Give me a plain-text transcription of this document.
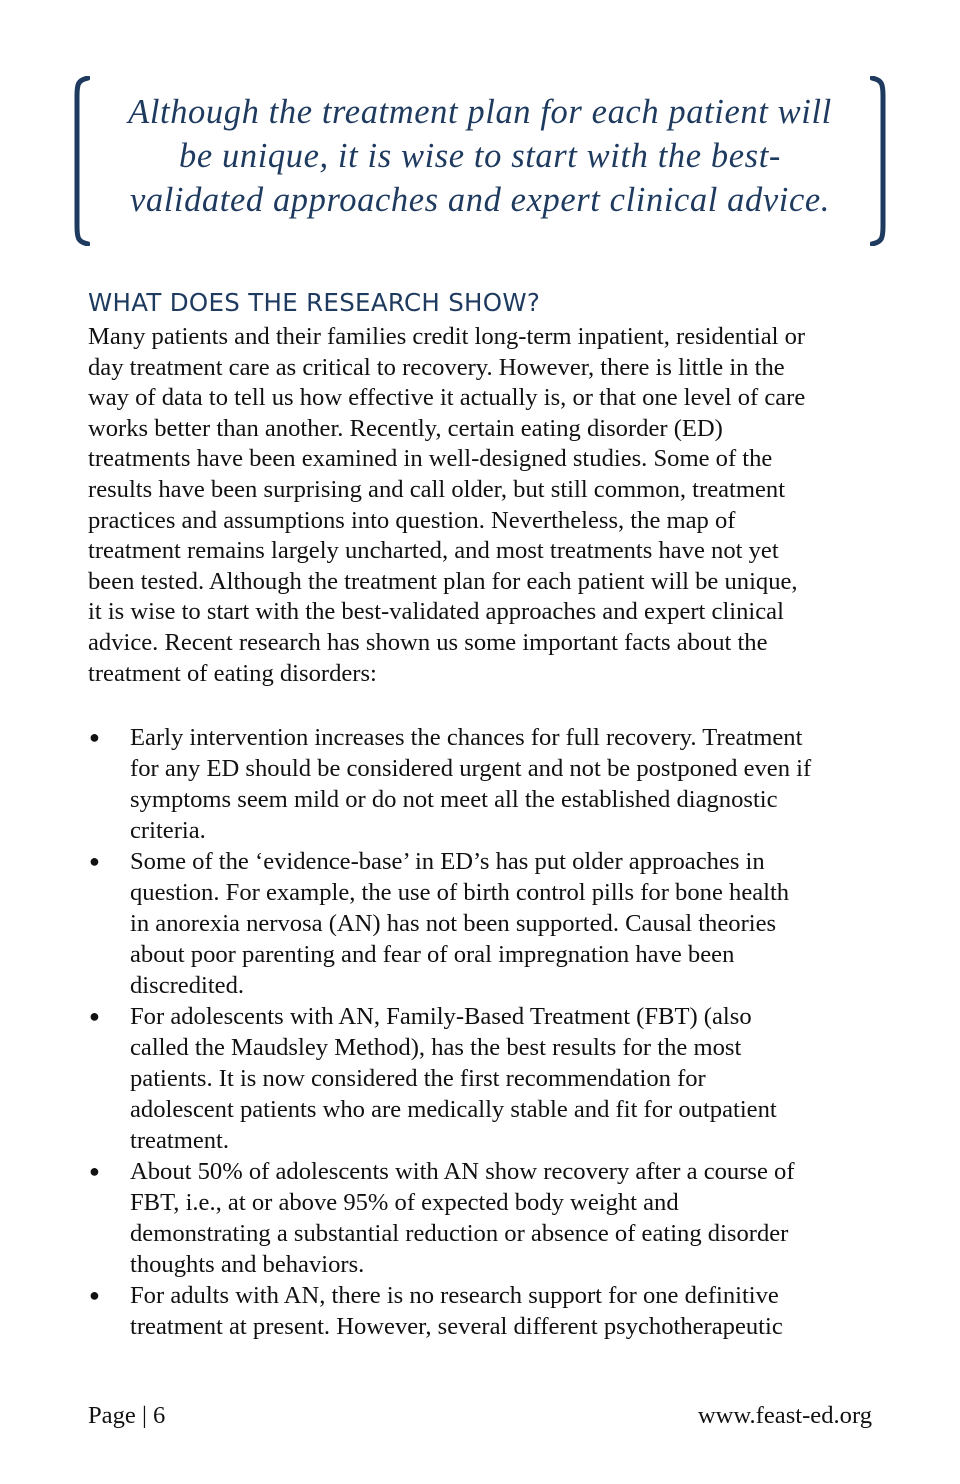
Although the treatment plan for each patient will
be unique, it is wise to start with the best-
validated approaches and expert clinical advice.
WHAT DOES THE RESEARCH SHOW?

Many patients and their families credit long-term inpatient, residential or
day treatment care as critical to recovery. However, there is little in the
way of data to tell us how effective it actually is, or that one level of care
works better than another. Recently, certain eating disorder (ED)
treatments have been examined in well-designed studies. Some of the
results have been surprising and call older, but still common, treatment
practices and assumptions into question. Nevertheless, the map of
treatment remains largely uncharted, and most treatments have not yet
been tested. Although the treatment plan for each patient will be unique,
it is wise to start with the best-validated approaches and expert clinical
advice. Recent research has shown us some important facts about the
treatment of eating disorders:

● Early intervention increases the chances for full recovery. Treatment
for any ED should be considered urgent and not be postponed even if
symptoms seem mild or do not meet all the established diagnostic
criteria.
● Some of the ‘evidence-base’ in ED’s has put older approaches in
question. For example, the use of birth control pills for bone health
in anorexia nervosa (AN) has not been supported. Causal theories
about poor parenting and fear of oral impregnation have been
discredited.
● For adolescents with AN, Family-Based Treatment (FBT) (also
called the Maudsley Method), has the best results for the most
patients. It is now considered the first recommendation for
adolescent patients who are medically stable and fit for outpatient
treatment.
● About 50% of adolescents with AN show recovery after a course of
FBT, i.e., at or above 95% of expected body weight and
demonstrating a substantial reduction or absence of eating disorder
thoughts and behaviors.
● For adults with AN, there is no research support for one definitive
treatment at present. However, several different psychotherapeutic
Page | 6	www.feast-ed.org
